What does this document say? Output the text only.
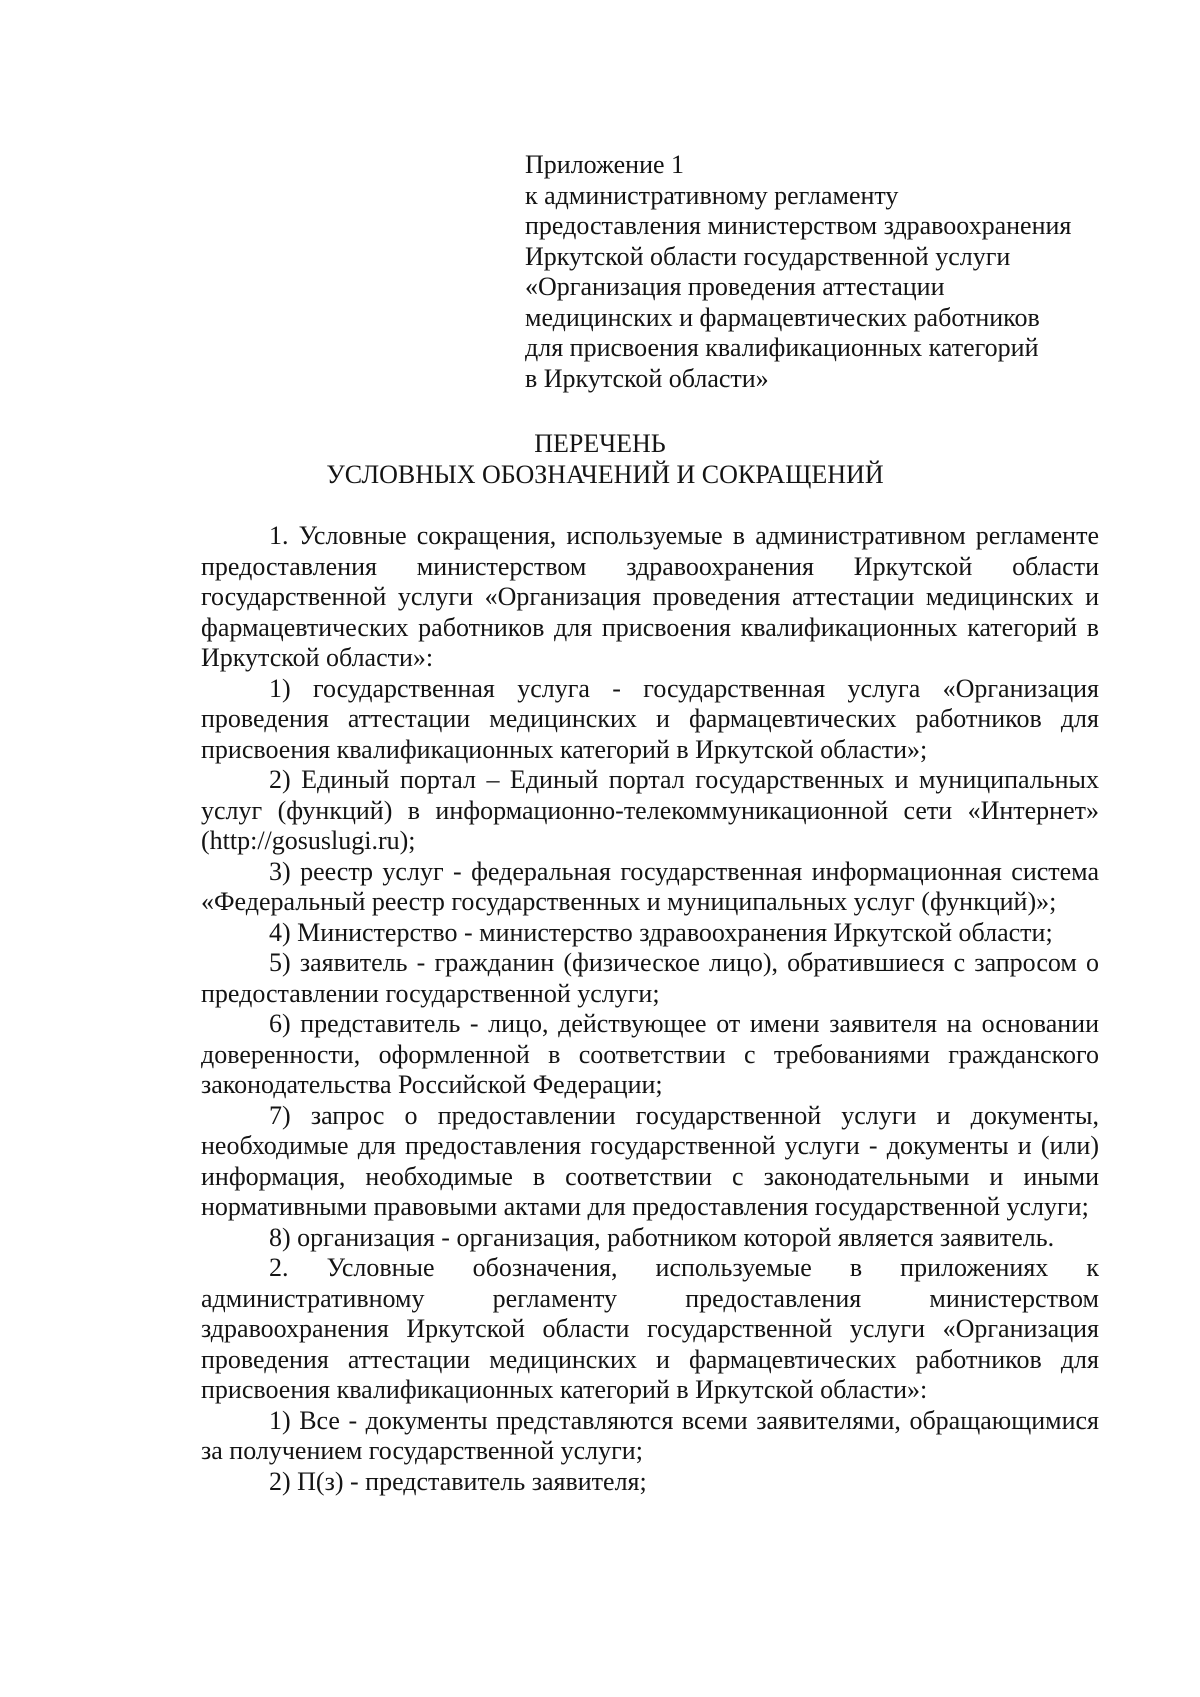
Приложение 1
к административному регламенту
предоставления министерством здравоохранения
Иркутской области государственной услуги
«Организация проведения аттестации
медицинских и фармацевтических работников
для присвоения квалификационных категорий
в Иркутской области»
ПЕРЕЧЕНЬ
УСЛОВНЫХ ОБОЗНАЧЕНИЙ И СОКРАЩЕНИЙ

1. Условные сокращения, используемые в административном регламенте предоставления министерством здравоохранения Иркутской области государственной услуги «Организация проведения аттестации медицинских и фармацевтических работников для присвоения квалификационных категорий в Иркутской области»:

1) государственная услуга - государственная услуга «Организация проведения аттестации медицинских и фармацевтических работников для присвоения квалификационных категорий в Иркутской области»;

2) Единый портал – Единый портал государственных и муниципальных услуг (функций) в информационно-телекоммуникационной сети «Интернет» (http://gosuslugi.ru);

3) реестр услуг - федеральная государственная информационная система «Федеральный реестр государственных и муниципальных услуг (функций)»;

4) Министерство - министерство здравоохранения Иркутской области;

5) заявитель - гражданин (физическое лицо), обратившиеся с запросом о предоставлении государственной услуги;

6) представитель - лицо, действующее от имени заявителя на основании доверенности, оформленной в соответствии с требованиями гражданского законодательства Российской Федерации;

7) запрос о предоставлении государственной услуги и документы, необходимые для предоставления государственной услуги - документы и (или) информация, необходимые в соответствии с законодательными и иными нормативными правовыми актами для предоставления государственной услуги;

8) организация - организация, работником которой является заявитель.

2. Условные обозначения, используемые в приложениях к административному регламенту предоставления министерством здравоохранения Иркутской области государственной услуги «Организация проведения аттестации медицинских и фармацевтических работников для присвоения квалификационных категорий в Иркутской области»:

1) Все - документы представляются всеми заявителями, обращающимися за получением государственной услуги;

2) П(з) - представитель заявителя;
